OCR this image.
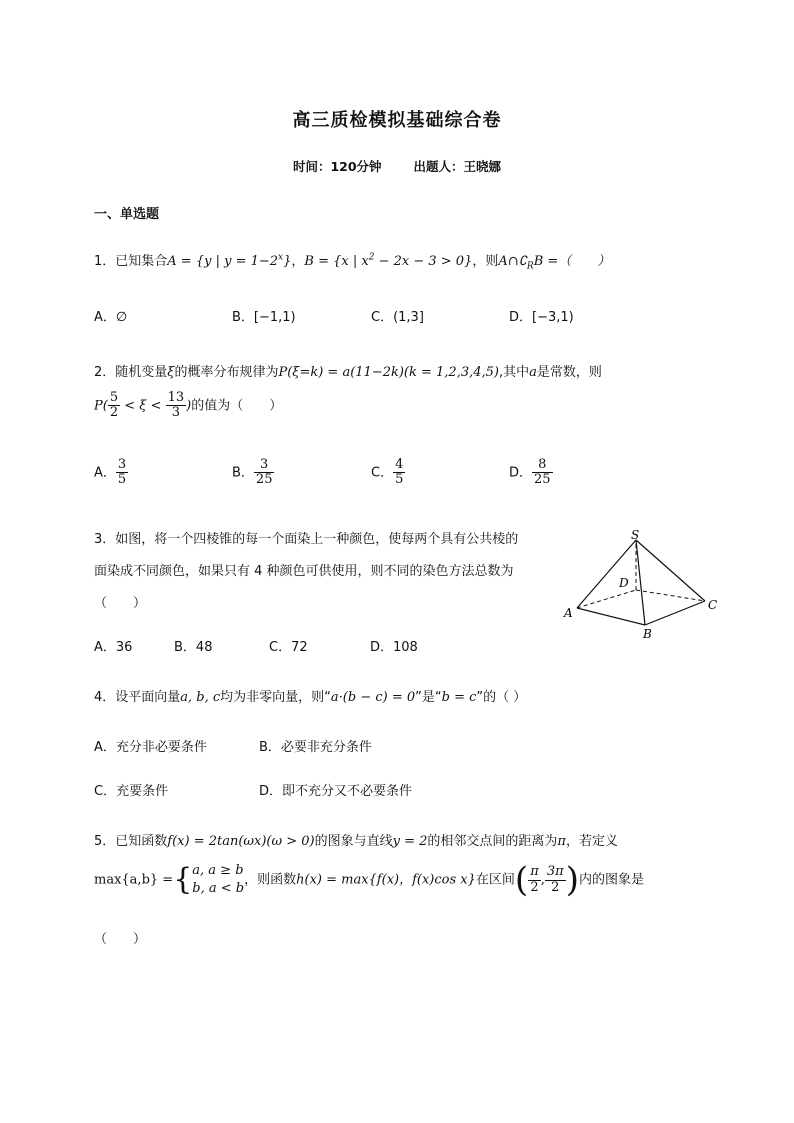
高三质检模拟基础综合卷
时间：120分钟	出题人：王晓娜
一、单选题
1．已知集合A = {y | $y = 1-2^x$}，B = {x | $x^2 - 2x - 3 > 0$}，则$A\cap∁_RB$ =（　　）
A．∅	B．[−1,1)	C．(1,3]	D．[−3,1)
2．随机变量ξ的概率分布规律为P(ξ=k) = a(11−2k)(k = 1,2,3,4,5),其中a是常数，则
$P( \frac{5}{2} < \xi < \frac{13}{3}$ )的值为（　　）
A． $\frac{3}{5}$	B． $\frac{3}{25}$	C． $\frac{4}{5}$	D． $\frac{8}{25}$
3．如图，将一个四棱锥的每一个面染上一种颜色，使每两个具有公共棱的
面染成不同颜色，如果只有 4 种颜色可供使用，则不同的染色方法总数为
（　　）
A．36	B．48	C．72	D．108
S
D
A
B
C
4．设平面向量a, b, c均为非零向量，则“a·(b − c) = 0”是“b = c”的（ ）
A．充分非必要条件	B．必要非充分条件
C．充要条件	D．即不充分又不必要条件
5．已知函数f(x) = 2tan(ωx)(ω > 0)的图象与直线y = 2的相邻交点间的距离为π，若定义
max{a,b} ={ a, a ≥ b
b, a < b
，则函数h(x) = max{f(x)，f(x)cos x}在区间( $\frac{\pi}{2}$ , $\frac{3\pi}{2}$ )内的图象是
（　　）
